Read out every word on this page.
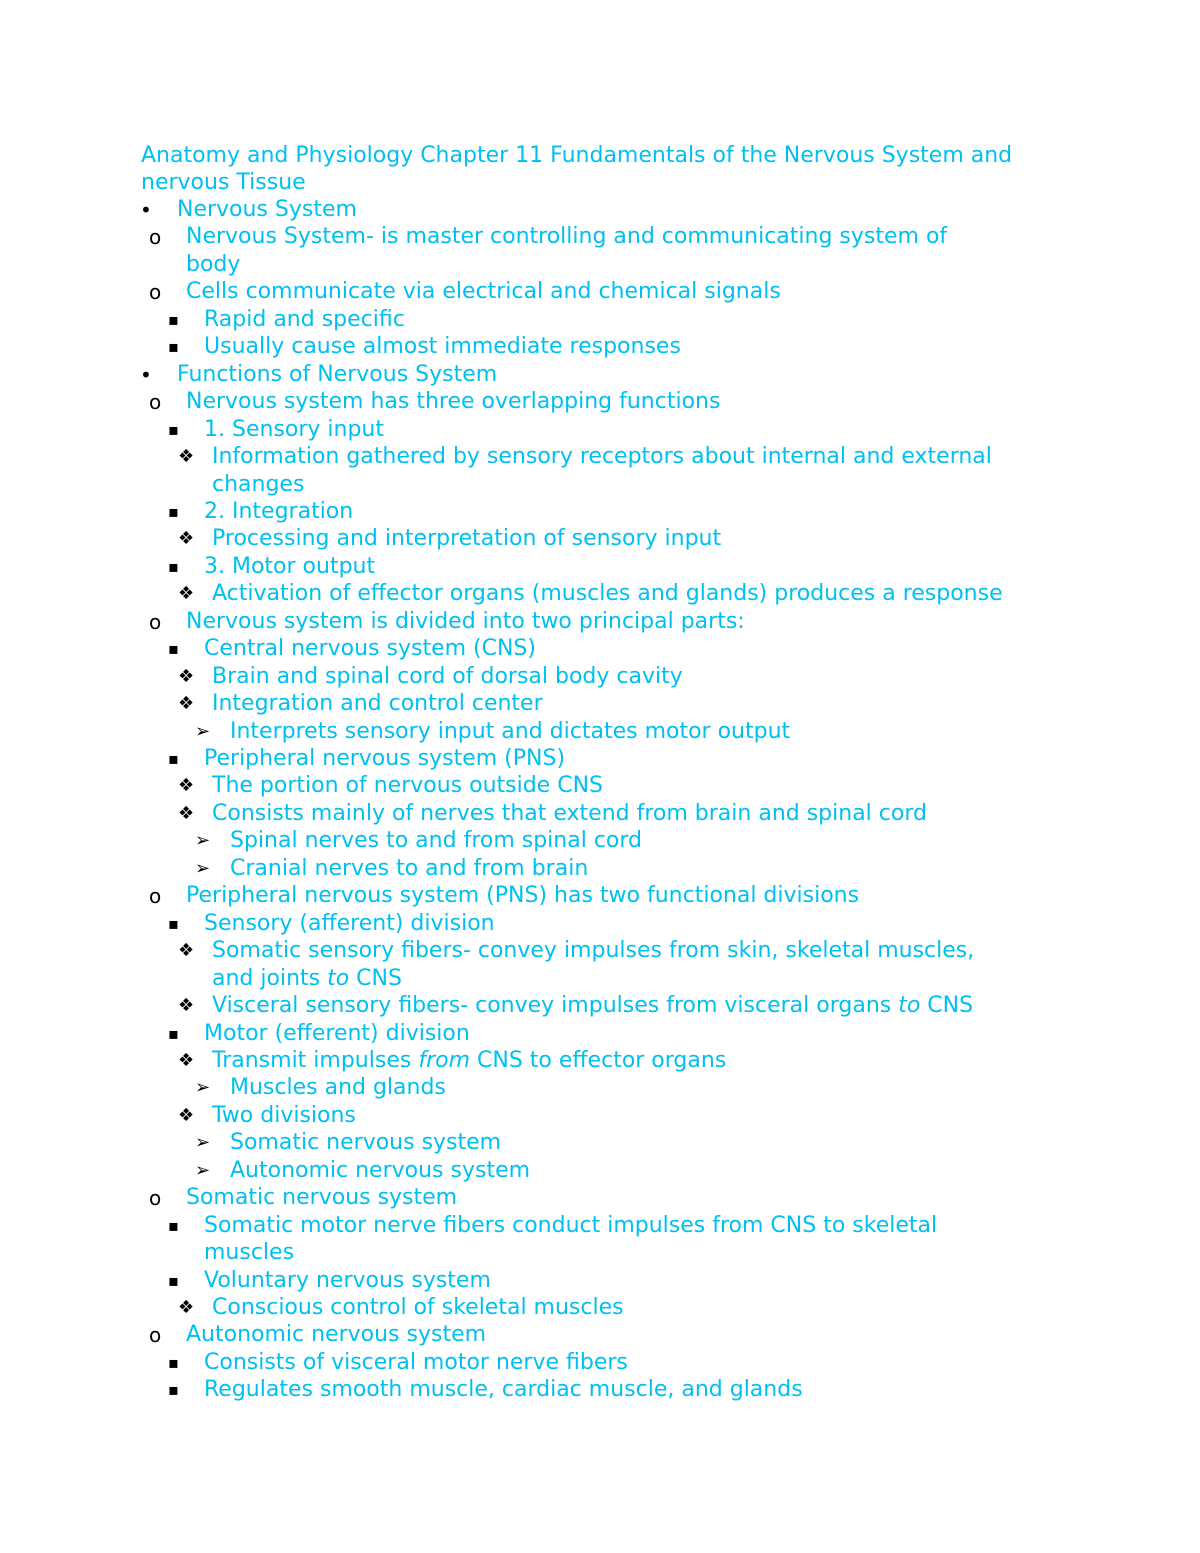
Anatomy and Physiology Chapter 11 Fundamentals of the Nervous System and nervous Tissue
• Nervous System
o Nervous System- is master controlling and communicating system of
body
o Cells communicate via electrical and chemical signals
▪ Rapid and specific
▪ Usually cause almost immediate responses
• Functions of Nervous System
o Nervous system has three overlapping functions
▪ 1. Sensory input
❖ Information gathered by sensory receptors about internal and external
changes
▪ 2. Integration
❖ Processing and interpretation of sensory input
▪ 3. Motor output
❖ Activation of effector organs (muscles and glands) produces a response
o Nervous system is divided into two principal parts:
▪ Central nervous system (CNS)
❖ Brain and spinal cord of dorsal body cavity
❖ Integration and control center
➢ Interprets sensory input and dictates motor output
▪ Peripheral nervous system (PNS)
❖ The portion of nervous outside CNS
❖ Consists mainly of nerves that extend from brain and spinal cord
➢ Spinal nerves to and from spinal cord
➢ Cranial nerves to and from brain
o Peripheral nervous system (PNS) has two functional divisions
▪ Sensory (afferent) division
❖ Somatic sensory fibers- convey impulses from skin, skeletal muscles,
and joints to CNS
❖ Visceral sensory fibers- convey impulses from visceral organs to CNS
▪ Motor (efferent) division
❖ Transmit impulses from CNS to effector organs
➢ Muscles and glands
❖ Two divisions
➢ Somatic nervous system
➢ Autonomic nervous system
o Somatic nervous system
▪ Somatic motor nerve fibers conduct impulses from CNS to skeletal
muscles
▪ Voluntary nervous system
❖ Conscious control of skeletal muscles
o Autonomic nervous system
▪ Consists of visceral motor nerve fibers
▪ Regulates smooth muscle, cardiac muscle, and glands
